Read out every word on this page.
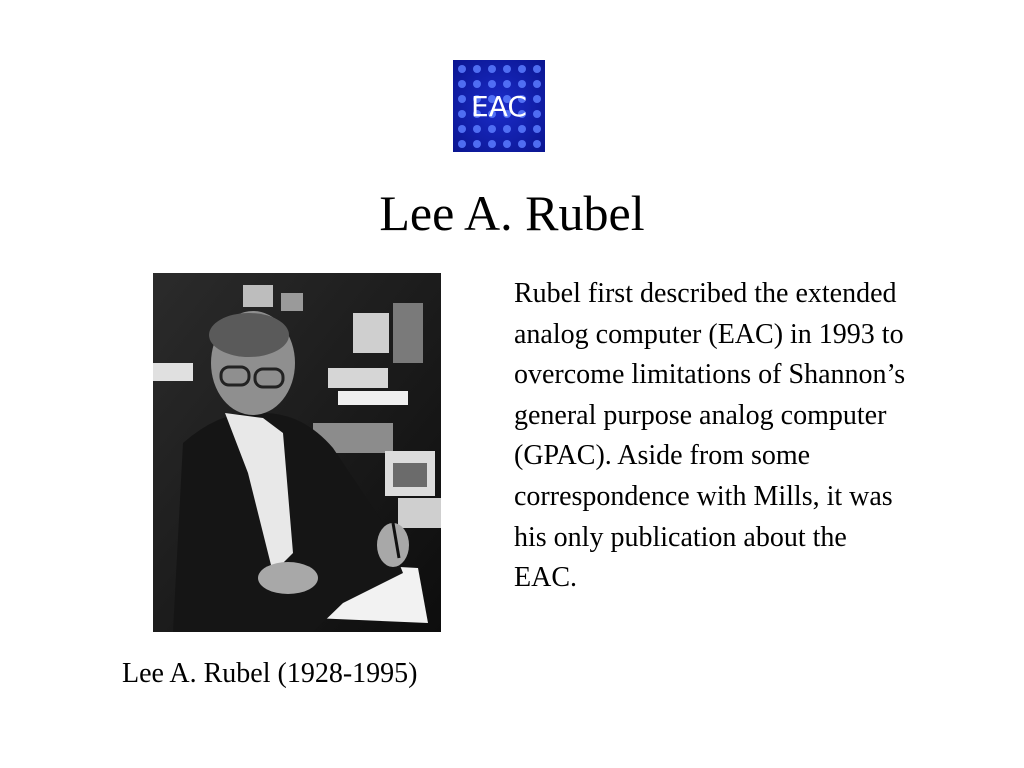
EAC
Lee A. Rubel
Lee A. Rubel (1928-1995)
Rubel first described the extended analog computer (EAC) in 1993 to overcome limitations of Shannon’s general purpose analog computer (GPAC). Aside from some correspondence with Mills, it was his only publication about the EAC.
